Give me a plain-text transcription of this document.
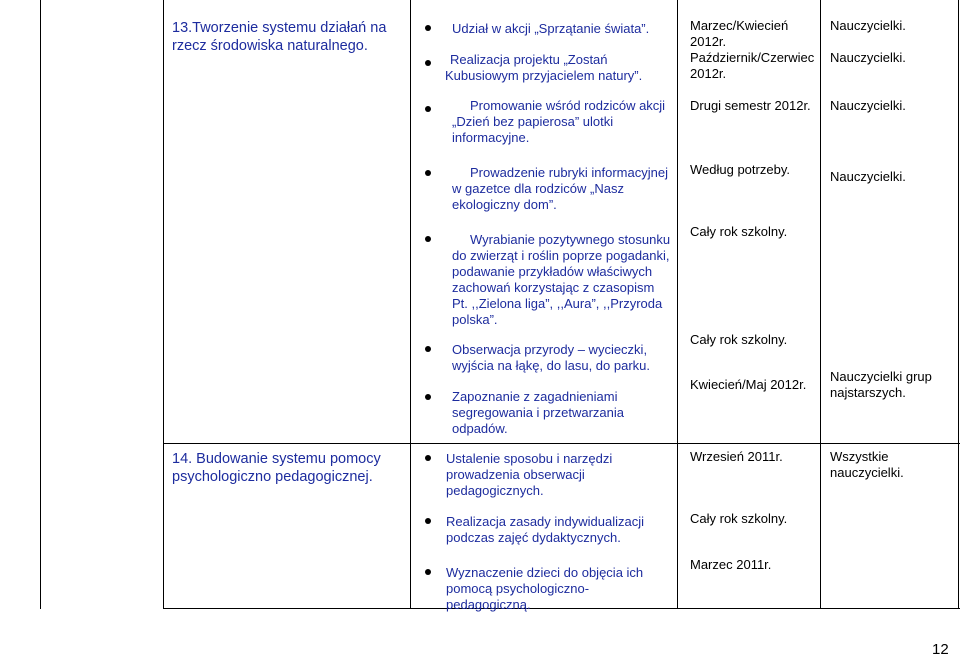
13.Tworzenie systemu działań na rzecz środowiska naturalnego.

Udział w akcji „Sprzątanie świata”.

Realizacja projektu „Zostań Kubusiowym przyjacielem natury”.

Promowanie wśród rodziców akcji „Dzień bez papierosa” ulotki informacyjne.

Prowadzenie rubryki informacyjnej w gazetce dla rodziców „Nasz ekologiczny dom”.

Wyrabianie pozytywnego stosunku do zwierząt i roślin poprze pogadanki, podawanie przykładów właściwych zachowań korzystając z czasopism Pt. ,,Zielona liga”, ,,Aura”, ,,Przyroda polska”.

Obserwacja przyrody – wycieczki, wyjścia na łąkę, do lasu, do parku.

Zapoznanie z zagadnieniami segregowania i przetwarzania odpadów.

Marzec/Kwiecień 2012r.

Październik/Czerwiec 2012r.

Drugi semestr 2012r.

Według potrzeby.

Cały rok szkolny.

Cały rok szkolny.

Kwiecień/Maj 2012r.

Nauczycielki.

Nauczycielki.

Nauczycielki.

Nauczycielki.

Nauczycielki grup najstarszych.

14. Budowanie systemu pomocy psychologiczno pedagogicznej.

Ustalenie sposobu i narzędzi prowadzenia obserwacji pedagogicznych.

Realizacja zasady indywidualizacji podczas zajęć dydaktycznych.

Wyznaczenie dzieci do objęcia ich pomocą psychologiczno-pedagogiczną.

Wrzesień 2011r.

Cały rok szkolny.

Marzec 2011r.

Wszystkie nauczycielki.

12
